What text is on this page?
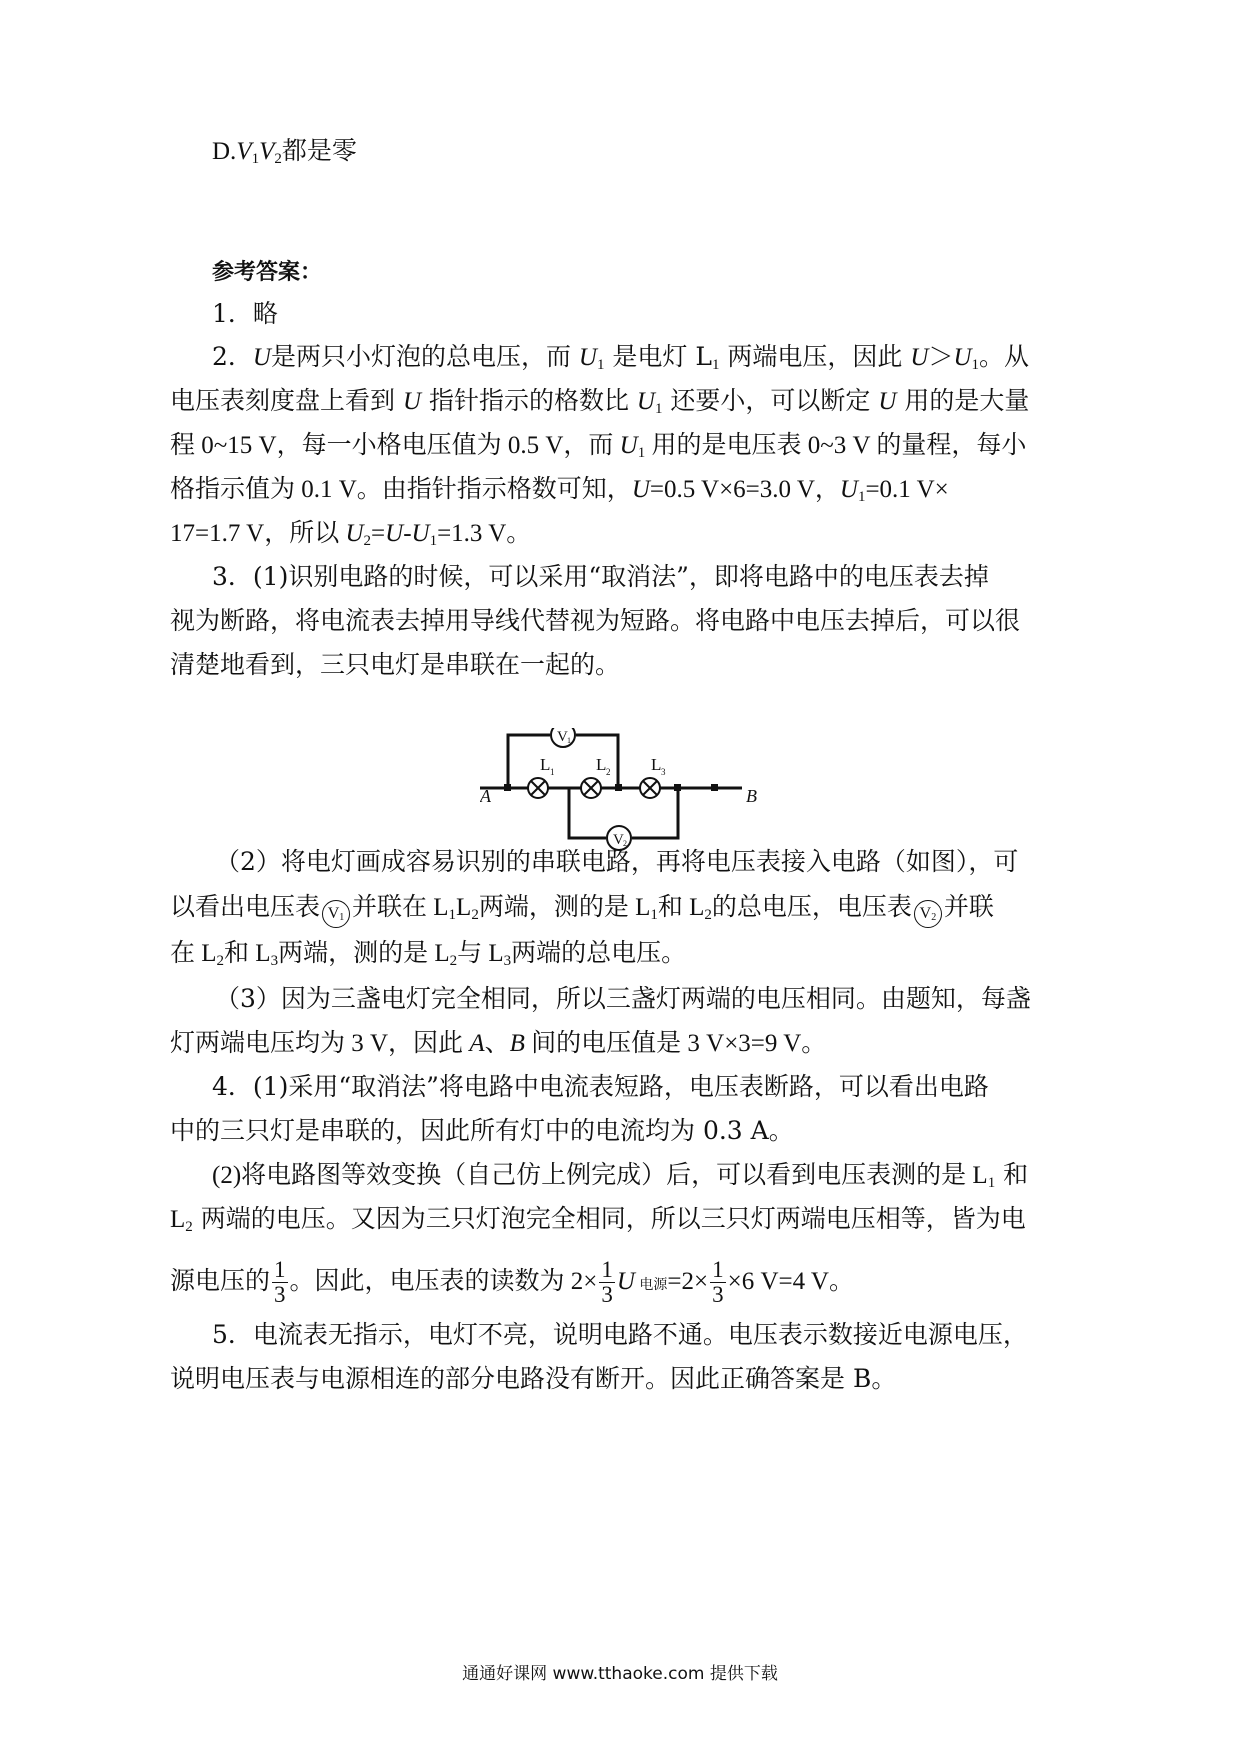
$D.V_1V_2$都是零
参考答案：
1．略
2．U是两只小灯泡的总电压，而 $U_1$ 是电灯 $L_1$ 两端电压，因此 $U>U_1$。从
电压表刻度盘上看到 U 指针指示的格数比 $U_1$ 还要小，可以断定 U 用的是大量
程 0~15 V，每一小格电压值为 0.5 V，而 $U_1$ 用的是电压表 0~3 V 的量程，每小
格指示值为 0.1 V。由指针指示格数可知，U=0.5 V×6=3.0 V，$U_1=0.1$ V×
17=1.7 V，所以 $U_2=U-U_1=1.3$ V。
3．(1)识别电路的时候，可以采用“取消法”，即将电路中的电压表去掉
视为断路，将电流表去掉用导线代替视为短路。将电路中电压去掉后，可以很
清楚地看到，三只电灯是串联在一起的。
V 1
V 2
A	B
L 1 L 2 L 3
（2）将电灯画成容易识别的串联电路，再将电压表接入电路（如图），可
以看出电压表 $V_1$ 并联在 $L_1L_2$两端，测的是 $L_1$和 $L_2$的总电压，电压表 $V_2$ 并联
在 $L_2$和 $L_3$两端，测的是 $L_2$与 $L_3$两端的总电压。
（3）因为三盏电灯完全相同，所以三盏灯两端的电压相同。由题知，每盏
灯两端电压均为 3 V，因此 A、B 间的电压值是 3 V×3=9 V。
4．(1)采用“取消法”将电路中电流表短路，电压表断路，可以看出电路
中的三只灯是串联的，因此所有灯中的电流均为 0.3 A。
(2)将电路图等效变换（自己仿上例完成）后，可以看到电压表测的是 $L_1$ 和
$L_2$ 两端的电压。又因为三只灯泡完全相同，所以三只灯两端电压相等，皆为电
源电压的 $\frac{1}{3}$ 。因此，电压表的读数为 $2\times \frac{1}{3}$ U 电源$=2\times \frac{1}{3} \times 6$ V=4 V。
5．电流表无指示，电灯不亮，说明电路不通。电压表示数接近电源电压，
说明电压表与电源相连的部分电路没有断开。因此正确答案是 B。
通通好课网 www.tthaoke.com 提供下载
